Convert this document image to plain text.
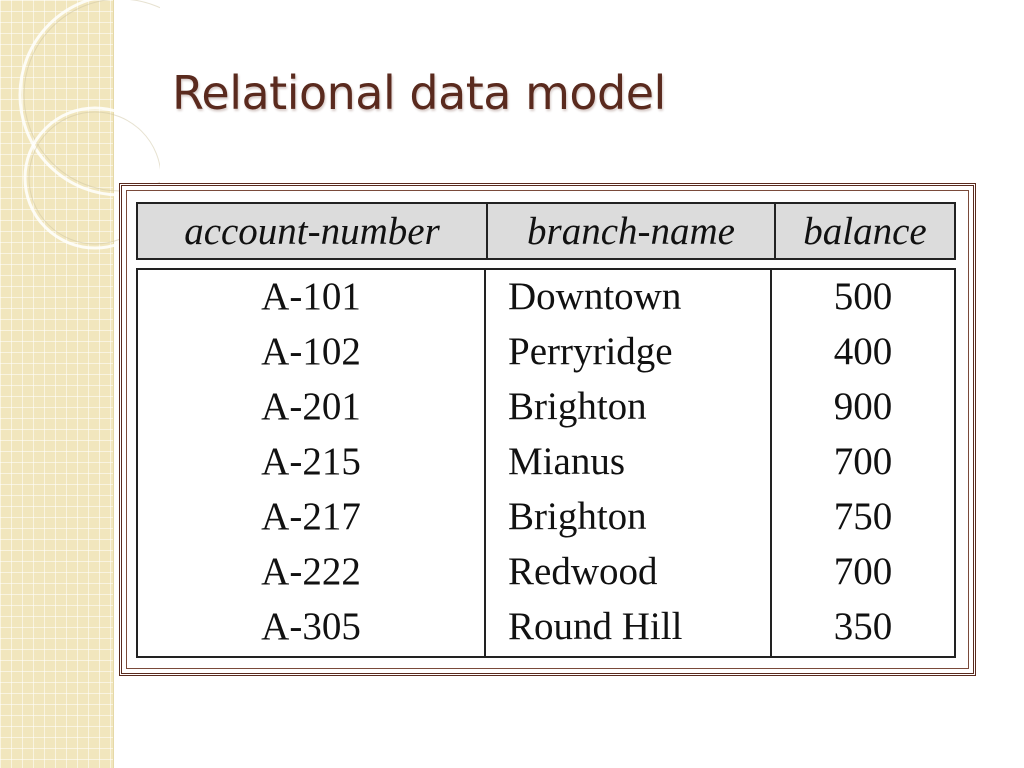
Relational data model
account-number	branch-name	balance
A-101
A-102
A-201
A-215
A-217
A-222
A-305
Downtown
Perryridge
Brighton
Mianus
Brighton
Redwood
Round Hill
500
400
900
700
750
700
350
